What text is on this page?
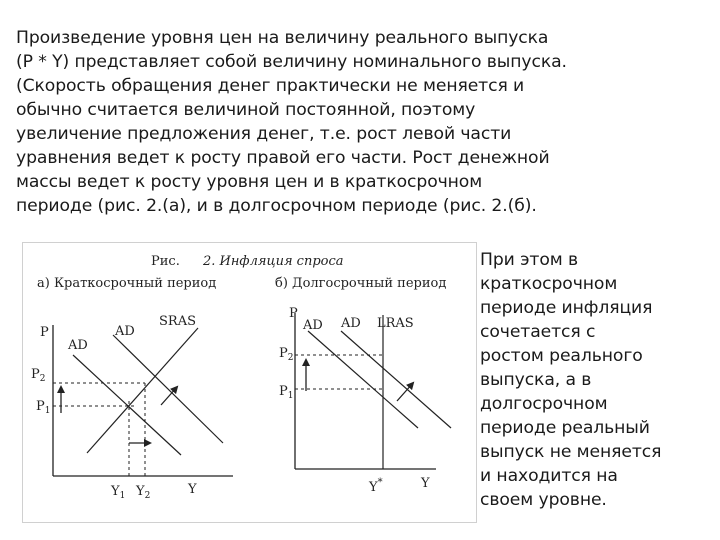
Произведение уровня цен на величину реального выпуска
(P * Y) представляет собой величину номинального выпуска.
(Скорость обращения денег практически не меняется и
обычно считается величиной постоянной, поэтому
увеличение предложения денег, т.е. рост левой части
уравнения ведет к росту правой его части. Рост денежной
массы ведет к росту уровня цен и в краткосрочном
периоде (рис. 2.(а), и в долгосрочном периоде (рис. 2.(б).
Рис. 2. Инфляция спроса
а) Краткосрочный период	б) Долгосрочный период
P
Y
SRAS
AD
AD
$P_2$
$P_1$
$Y_1$ $Y_2$
P
Y
LRAS
AD AD
$P_2$
$P_1$
Y*
При этом в
краткосрочном
периоде инфляция
сочетается с
ростом реального
выпуска, а в
долгосрочном
периоде реальный
выпуск не меняется
и находится на
своем уровне.
